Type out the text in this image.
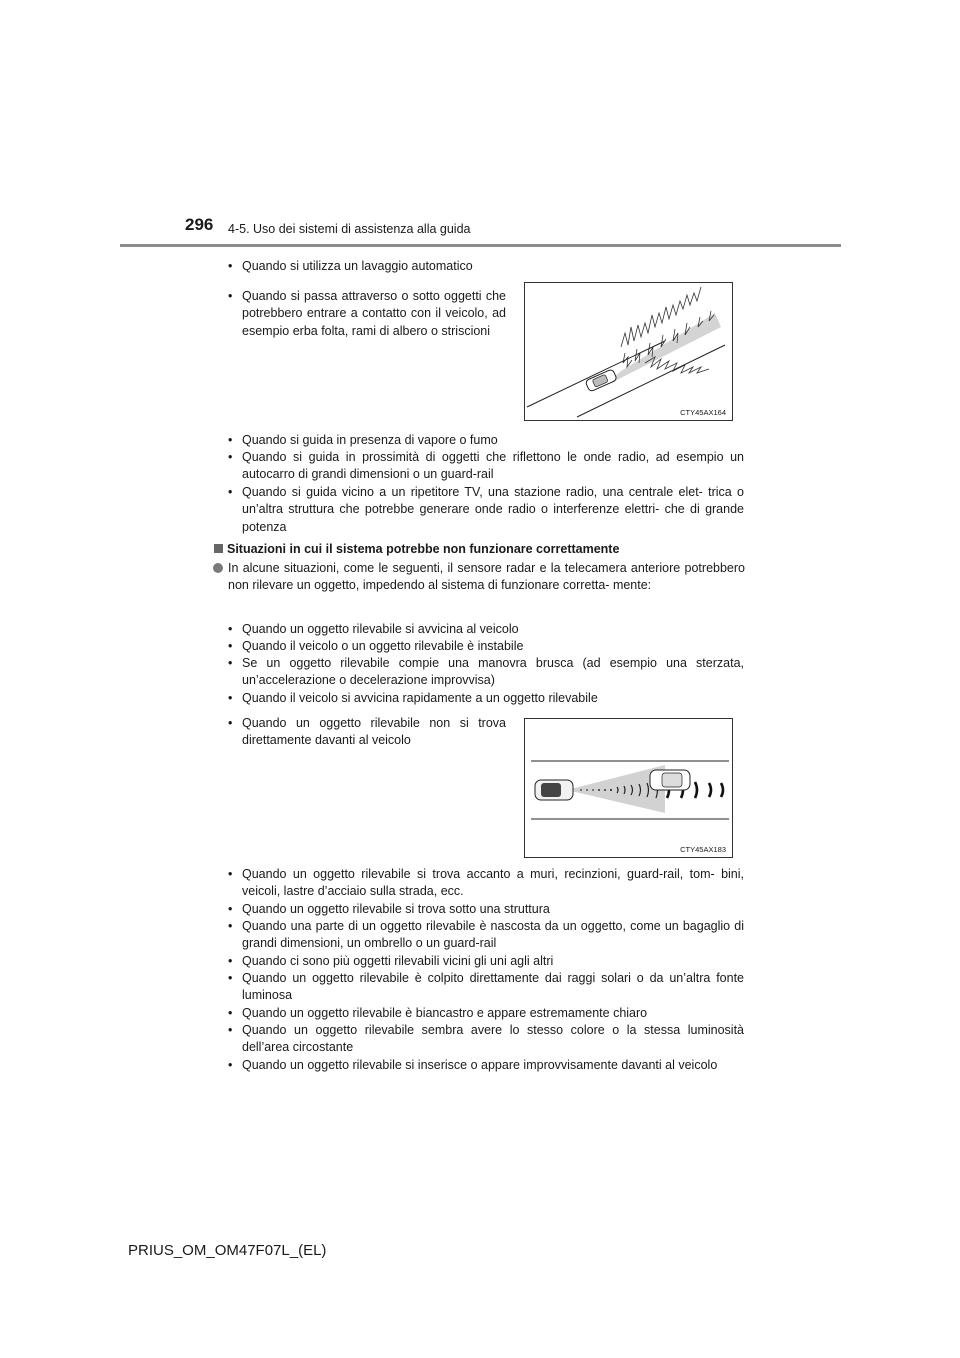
296 4-5. Uso dei sistemi di assistenza alla guida
• Quando si utilizza un lavaggio automatico
• Quando si passa attraverso o sotto oggetti che potrebbero entrare a contatto con il veicolo, ad esempio erba folta, rami di albero o striscioni
CTY45AX164
• Quando si guida in presenza di vapore o fumo
• Quando si guida in prossimità di oggetti che riflettono le onde radio, ad esempio un autocarro di grandi dimensioni o un guard-rail
• Quando si guida vicino a un ripetitore TV, una stazione radio, una centrale elet- trica o un’altra struttura che potrebbe generare onde radio o interferenze elettri- che di grande potenza
Situazioni in cui il sistema potrebbe non funzionare correttamente
In alcune situazioni, come le seguenti, il sensore radar e la telecamera anteriore potrebbero non rilevare un oggetto, impedendo al sistema di funzionare corretta- mente:
• Quando un oggetto rilevabile si avvicina al veicolo
• Quando il veicolo o un oggetto rilevabile è instabile
• Se un oggetto rilevabile compie una manovra brusca (ad esempio una sterzata, un’accelerazione o decelerazione improvvisa)
• Quando il veicolo si avvicina rapidamente a un oggetto rilevabile
• Quando un oggetto rilevabile non si trova direttamente davanti al veicolo
CTY45AX183
• Quando un oggetto rilevabile si trova accanto a muri, recinzioni, guard-rail, tom- bini, veicoli, lastre d’acciaio sulla strada, ecc.
• Quando un oggetto rilevabile si trova sotto una struttura
• Quando una parte di un oggetto rilevabile è nascosta da un oggetto, come un bagaglio di grandi dimensioni, un ombrello o un guard-rail
• Quando ci sono più oggetti rilevabili vicini gli uni agli altri
• Quando un oggetto rilevabile è colpito direttamente dai raggi solari o da un’altra fonte luminosa
• Quando un oggetto rilevabile è biancastro e appare estremamente chiaro
• Quando un oggetto rilevabile sembra avere lo stesso colore o la stessa luminosità dell’area circostante
• Quando un oggetto rilevabile si inserisce o appare improvvisamente davanti al veicolo
PRIUS_OM_OM47F07L_(EL)
